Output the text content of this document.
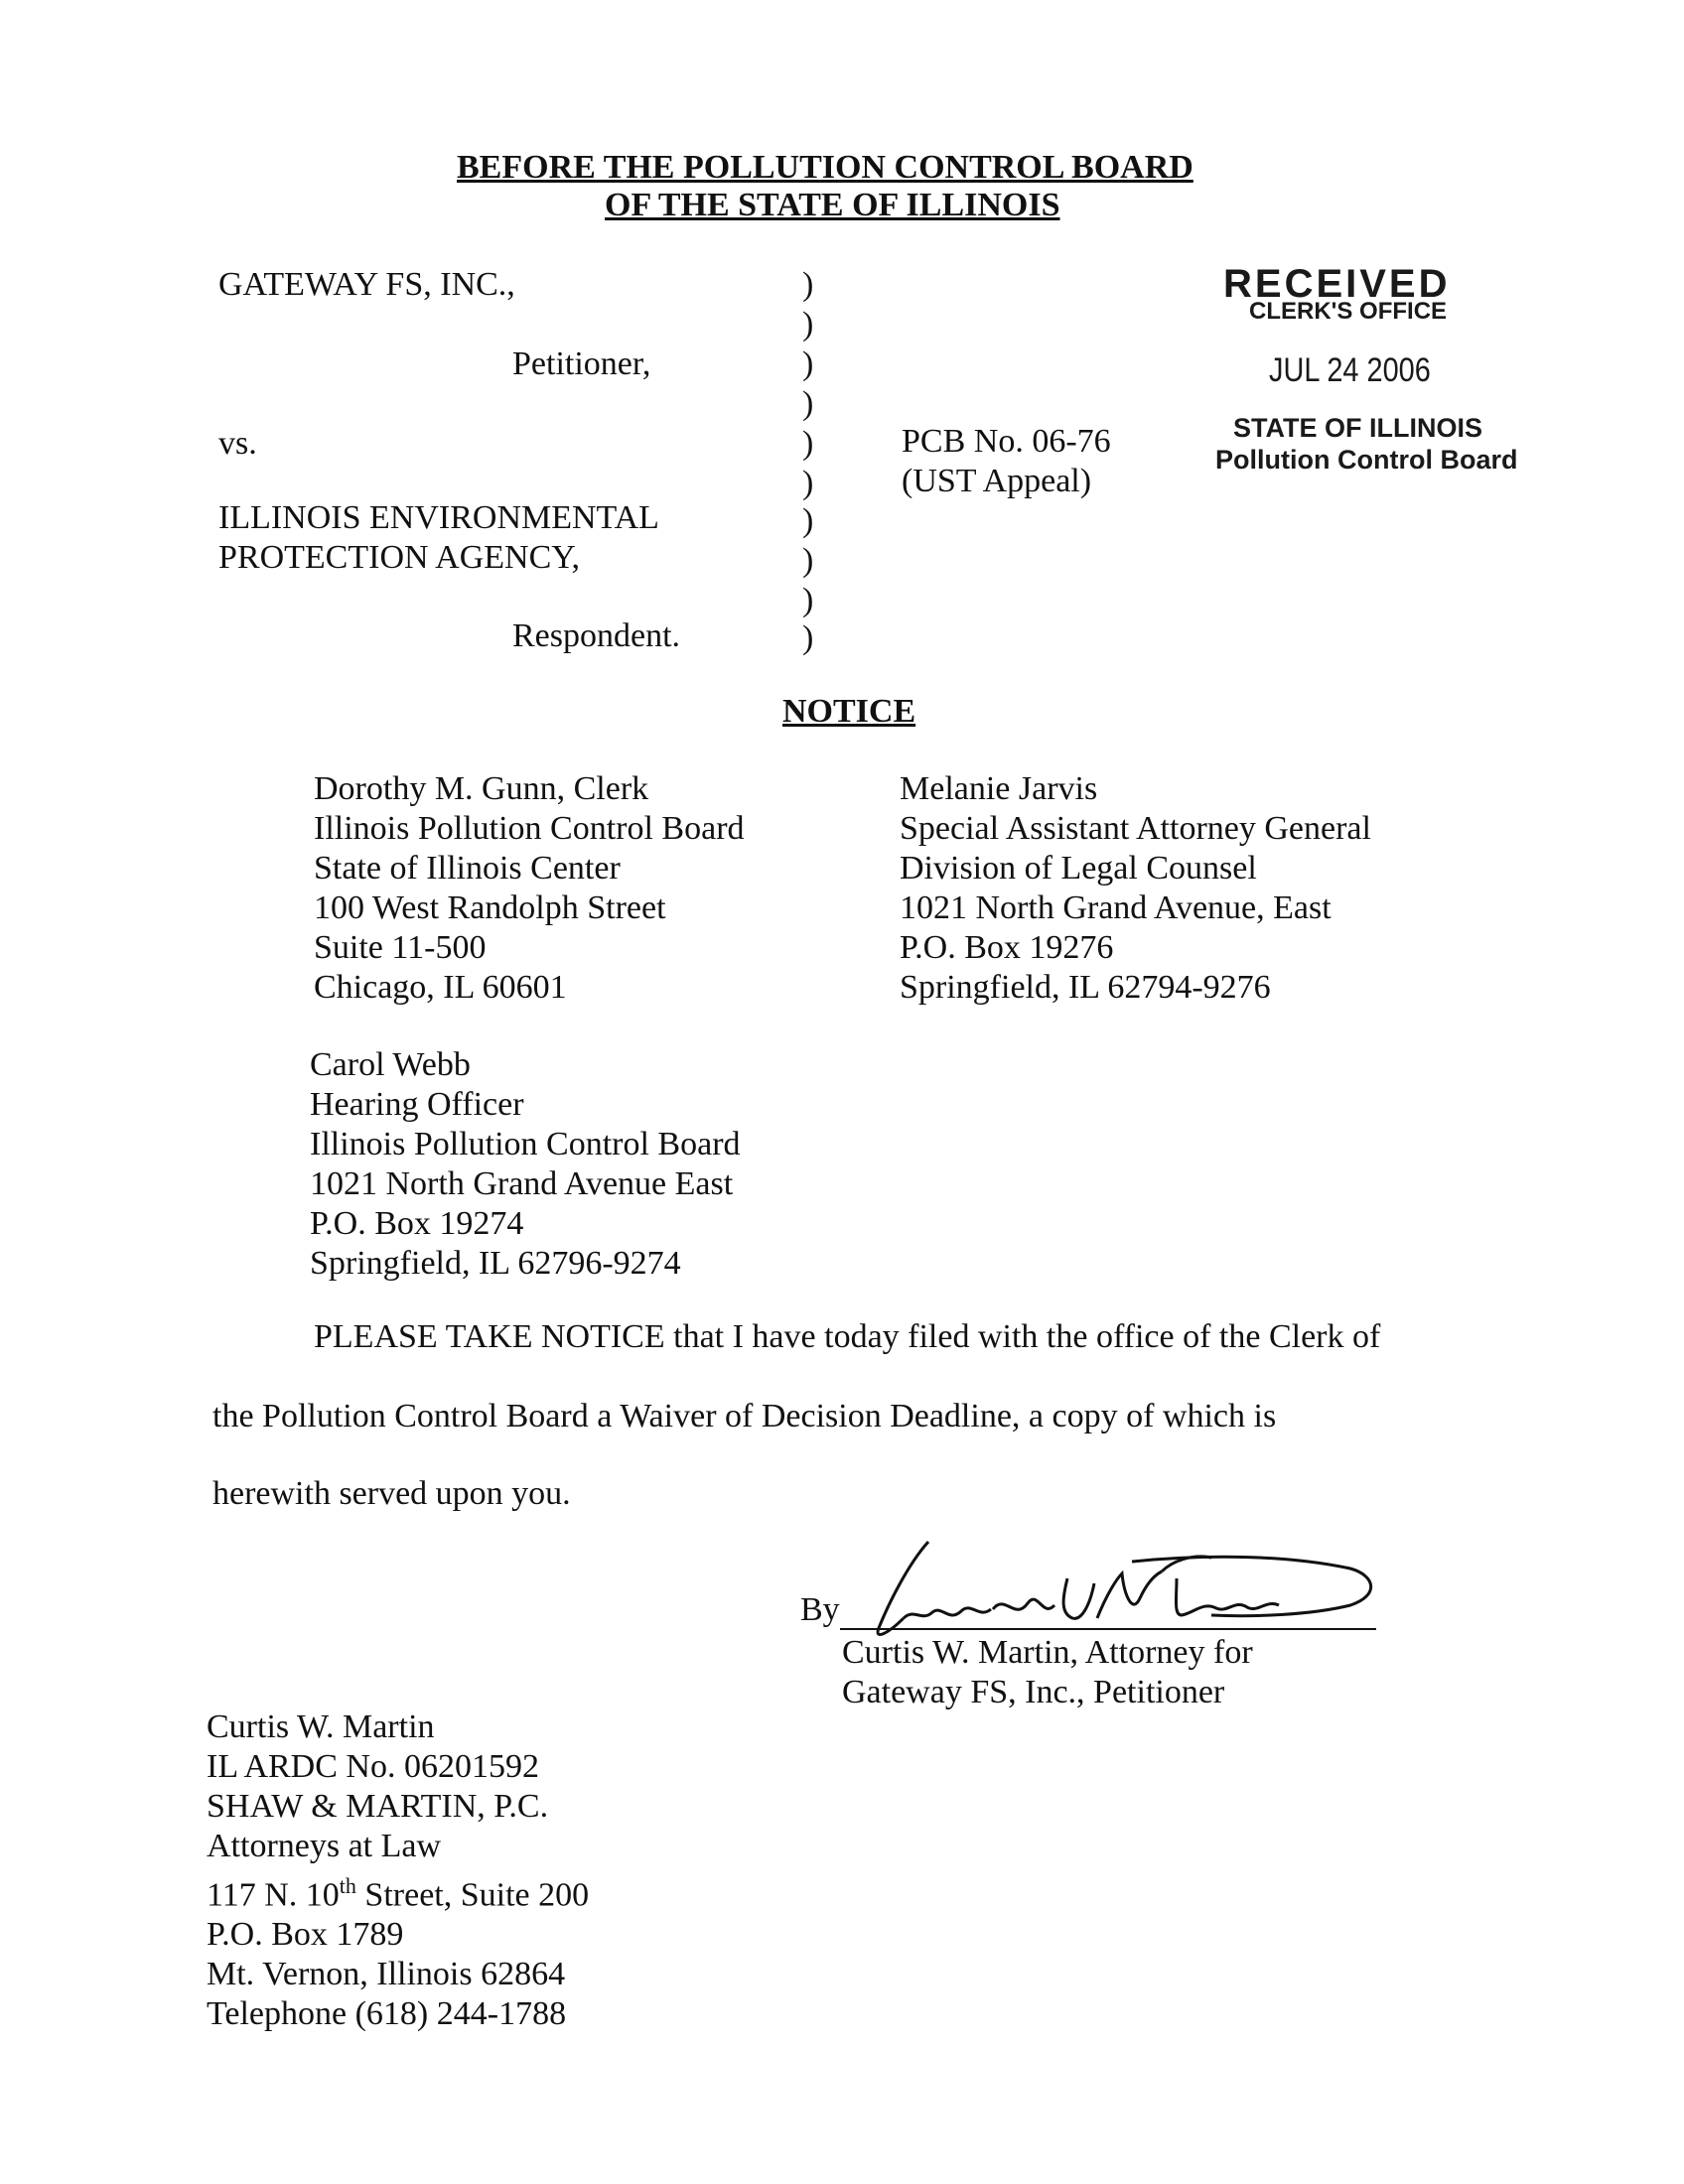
BEFORE THE POLLUTION CONTROL BOARD
OF THE STATE OF ILLINOIS
GATEWAY FS, INC.,
Petitioner,
vs.
ILLINOIS ENVIRONMENTAL
PROTECTION AGENCY,
Respondent.
)
)
)
)
)
)
)
)
)
)
PCB No. 06-76
(UST Appeal)
RECEIVED
CLERK'S OFFICE
JUL 24 2006
STATE OF ILLINOIS
Pollution Control Board
NOTICE
Dorothy M. Gunn, Clerk
Illinois Pollution Control Board
State of Illinois Center
100 West Randolph Street
Suite 11-500
Chicago, IL 60601
Melanie Jarvis
Special Assistant Attorney General
Division of Legal Counsel
1021 North Grand Avenue, East
P.O. Box 19276
Springfield, IL 62794-9276
Carol Webb
Hearing Officer
Illinois Pollution Control Board
1021 North Grand Avenue East
P.O. Box 19274
Springfield, IL 62796-9274
PLEASE TAKE NOTICE that I have today filed with the office of the Clerk of
the Pollution Control Board a Waiver of Decision Deadline, a copy of which is
herewith served upon you.
By
Curtis W. Martin, Attorney for
Gateway FS, Inc., Petitioner
Curtis W. Martin
IL ARDC No. 06201592
SHAW & MARTIN, P.C.
Attorneys at Law
117 N. 10th Street, Suite 200
P.O. Box 1789
Mt. Vernon, Illinois 62864
Telephone (618) 244-1788
